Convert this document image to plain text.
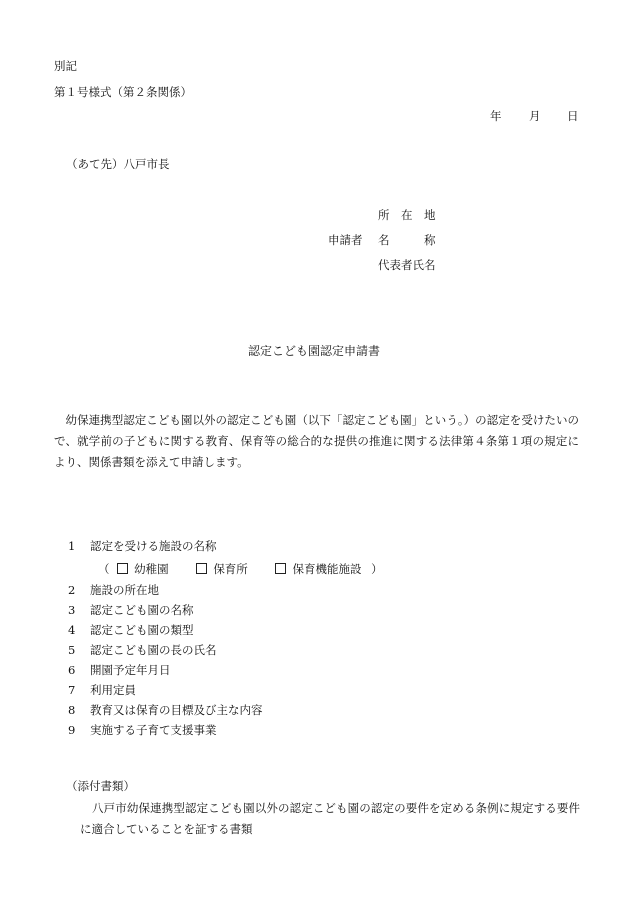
別記
第１号様式（第２条関係）
年 月 日
（あて先）八戸市長
申請者
所　在　地
名　　　称
代表者氏名
認定こども園認定申請書
　幼保連携型認定こども園以外の認定こども園（以下「認定こども園」という。）の認定を受けたいので、就学前の子どもに関する教育、保育等の総合的な提供の推進に関する法律第４条第１項の規定により、関係書類を添えて申請します。
1 認定を受ける施設の名称
2 施設の所在地
3 認定こども園の名称
4 認定こども園の類型
5 認定こども園の長の氏名
6 開園予定年月日
7 利用定員
8 教育又は保育の目標及び主な内容
9 実施する子育て支援事業
（ 幼稚園	保育所	保育機能施設 ）
（添付書類）
八戸市幼保連携型認定こども園以外の認定こども園の認定の要件を定める条例に規定する要件に適合していることを証する書類
